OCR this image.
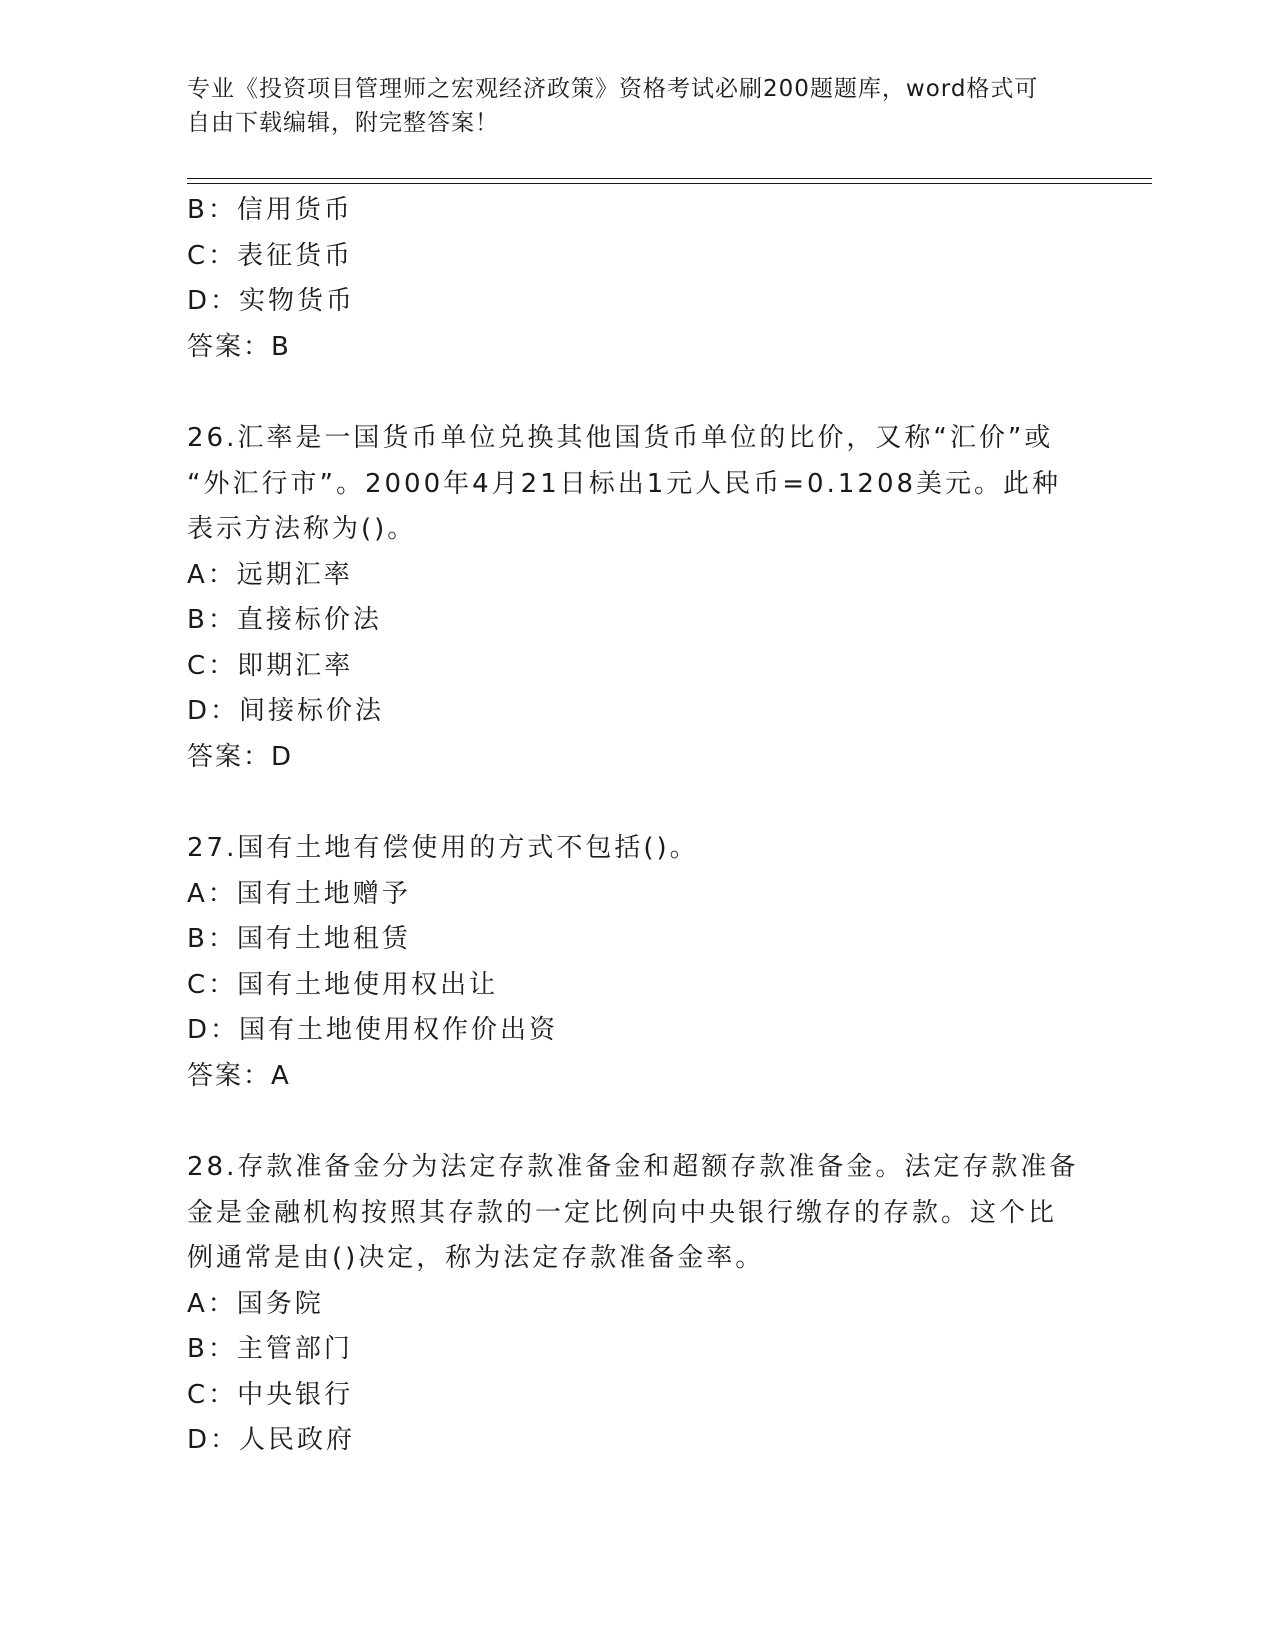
专业《投资项目管理师之宏观经济政策》资格考试必刷200题题库，word格式可
自由下载编辑，附完整答案！
B：信用货币
C：表征货币
D：实物货币
答案：B
26.汇率是一国货币单位兑换其他国货币单位的比价，又称“汇价”或
“外汇行市”。2000年4月21日标出1元人民币=0.1208美元。此种
表示方法称为()。
A：远期汇率
B：直接标价法
C：即期汇率
D：间接标价法
答案：D
27.国有土地有偿使用的方式不包括()。
A：国有土地赠予
B：国有土地租赁
C：国有土地使用权出让
D：国有土地使用权作价出资
答案：A
28.存款准备金分为法定存款准备金和超额存款准备金。法定存款准备
金是金融机构按照其存款的一定比例向中央银行缴存的存款。这个比
例通常是由()决定，称为法定存款准备金率。
A：国务院
B：主管部门
C：中央银行
D：人民政府
